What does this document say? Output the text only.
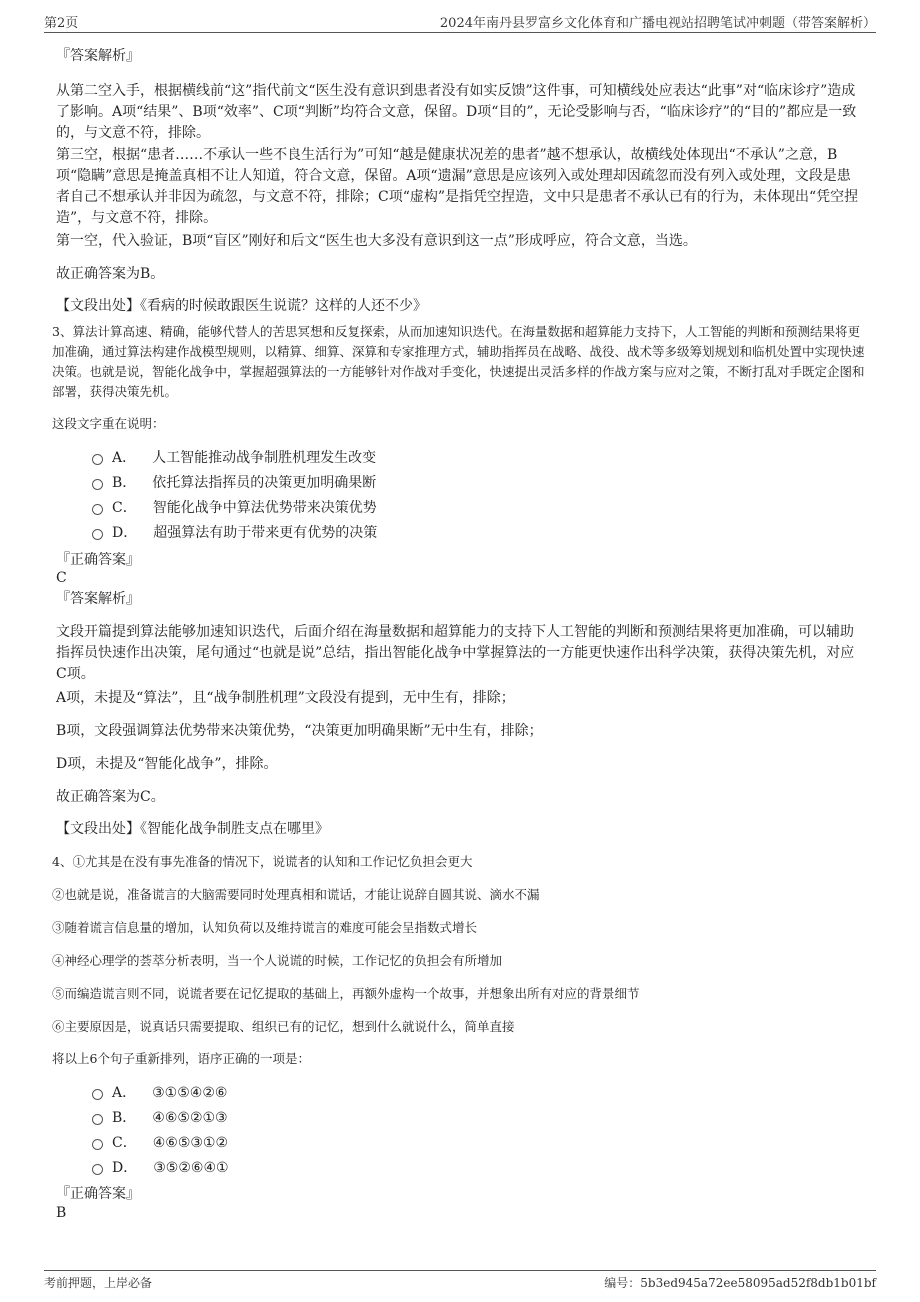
第2页	2024年南丹县罗富乡文化体育和广播电视站招聘笔试冲刺题（带答案解析）
『答案解析』
从第二空入手，根据横线前“这”指代前文“医生没有意识到患者没有如实反馈”这件事，可知横线处应表达“此事”对“临床诊疗”造成了影响。A项“结果”、B项“效率”、C项“判断”均符合文意，保留。D项“目的”，无论受影响与否，“临床诊疗”的“目的”都应是一致的，与文意不符，排除。
第三空，根据“患者……不承认一些不良生活行为”可知“越是健康状况差的患者”越不想承认，故横线处体现出“不承认”之意，B项“隐瞒”意思是掩盖真相不让人知道，符合文意，保留。A项“遗漏”意思是应该列入或处理却因疏忽而没有列入或处理，文段是患者自己不想承认并非因为疏忽，与文意不符，排除；C项“虚构”是指凭空捏造，文中只是患者不承认已有的行为，未体现出“凭空捏造”，与文意不符，排除。
第一空，代入验证，B项“盲区”刚好和后文“医生也大多没有意识到这一点”形成呼应，符合文意，当选。
故正确答案为B。
【文段出处】《看病的时候敢跟医生说谎？这样的人还不少》
3、算法计算高速、精确，能够代替人的苦思冥想和反复探索，从而加速知识迭代。在海量数据和超算能力支持下，人工智能的判断和预测结果将更加准确，通过算法构建作战模型规则，以精算、细算、深算和专家推理方式，辅助指挥员在战略、战役、战术等多级筹划规划和临机处置中实现快速决策。也就是说，智能化战争中，掌握超强算法的一方能够针对作战对手变化，快速提出灵活多样的作战方案与应对之策，不断打乱对手既定企图和部署，获得决策先机。
这段文字重在说明：
A． 人工智能推动战争制胜机理发生改变
B． 依托算法指挥员的决策更加明确果断
C． 智能化战争中算法优势带来决策优势
D． 超强算法有助于带来更有优势的决策
『正确答案』
C
『答案解析』
文段开篇提到算法能够加速知识迭代，后面介绍在海量数据和超算能力的支持下人工智能的判断和预测结果将更加准确，可以辅助指挥员快速作出决策，尾句通过“也就是说”总结，指出智能化战争中掌握算法的一方能更快速作出科学决策，获得决策先机，对应C项。
A项，未提及“算法”，且“战争制胜机理”文段没有提到，无中生有，排除；
B项，文段强调算法优势带来决策优势，“决策更加明确果断”无中生有，排除；
D项，未提及“智能化战争”，排除。
故正确答案为C。
【文段出处】《智能化战争制胜支点在哪里》
4、①尤其是在没有事先准备的情况下，说谎者的认知和工作记忆负担会更大
②也就是说，准备谎言的大脑需要同时处理真相和谎话，才能让说辞自圆其说、滴水不漏
③随着谎言信息量的增加，认知负荷以及维持谎言的难度可能会呈指数式增长
④神经心理学的荟萃分析表明，当一个人说谎的时候，工作记忆的负担会有所增加
⑤而编造谎言则不同，说谎者要在记忆提取的基础上，再额外虚构一个故事，并想象出所有对应的背景细节
⑥主要原因是，说真话只需要提取、组织已有的记忆，想到什么就说什么，简单直接
将以上6个句子重新排列，语序正确的一项是：
A． ③①⑤④②⑥
B． ④⑥⑤②①③
C． ④⑥⑤③①②
D． ③⑤②⑥④①
『正确答案』
B
考前押题，上岸必备	编号：5b3ed945a72ee58095ad52f8db1b01bf
